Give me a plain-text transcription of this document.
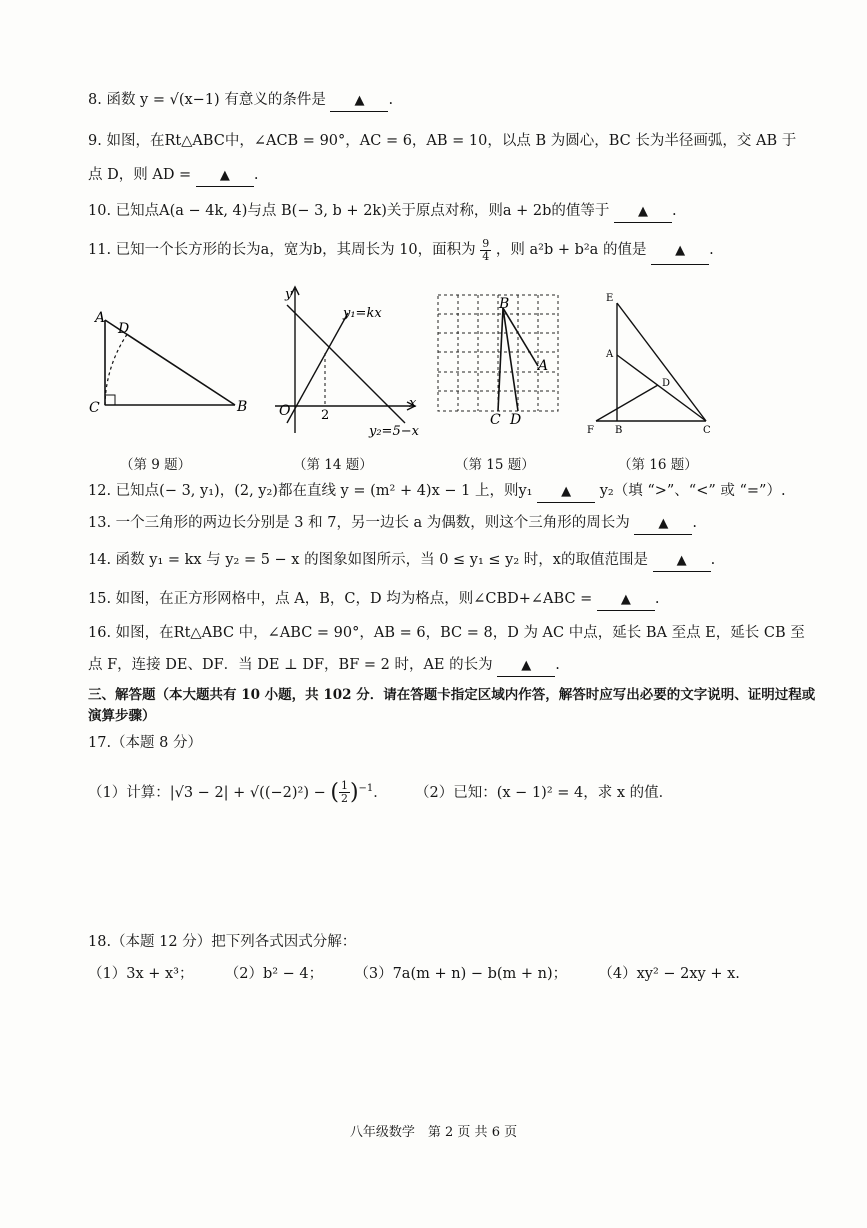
8. 函数 y = √(x−1) 有意义的条件是 ▲ .
9. 如图，在Rt△ABC中，∠ACB = 90°，AC = 6，AB = 10，以点 B 为圆心，BC 长为半径画弧，交 AB 于
点 D，则 AD = ▲ .
10. 已知点A(a − 4k, 4)与点 B(− 3, b + 2k)关于原点对称，则a + 2b的值等于 ▲ .
11. 已知一个长方形的长为a，宽为b，其周长为 10，面积为 $\frac{9}{4}$ ，则 a²b + b²a 的值是 ▲ .
A
D
C	B
y
x
O 2
y₁=kx
y₂=5−x
B
A
C D
E
A
D
F B	C
（第 9 题）	（第 14 题）	（第 15 题）	（第 16 题）
12. 已知点(− 3, y₁)，(2, y₂)都在直线 y = (m² + 4)x − 1 上，则y₁ ▲ y₂（填 “>”、“<” 或 “=”）.
13. 一个三角形的两边长分别是 3 和 7，另一边长 a 为偶数，则这个三角形的周长为 ▲ .
14. 函数 y₁ = kx 与 y₂ = 5 − x 的图象如图所示，当 0 ≤ y₁ ≤ y₂ 时，x的取值范围是 ▲ .
15. 如图，在正方形网格中，点 A，B，C，D 均为格点，则∠CBD+∠ABC = ▲ .
16. 如图，在Rt△ABC 中，∠ABC = 90°，AB = 6，BC = 8，D 为 AC 中点，延长 BA 至点 E，延长 CB 至
点 F，连接 DE、DF．当 DE ⊥ DF，BF = 2 时，AE 的长为 ▲ .
三、解答题（本大题共有 10 小题，共 102 分．请在答题卡指定区域内作答，解答时应写出必要的文字说明、证明过程或演算步骤）
17.（本题 8 分）
（1）计算：|√3 − 2| + √((−2)²) − ( $\frac{1}{2} )^{-1}$．  （2）已知：(x − 1)² = 4，求 x 的值．
18.（本题 12 分）把下列各式因式分解：
（1）3x + x³； （2）b² − 4； （3）7a(m + n) − b(m + n)； （4）xy² − 2xy + x.
八年级数学　第 2 页 共 6 页
